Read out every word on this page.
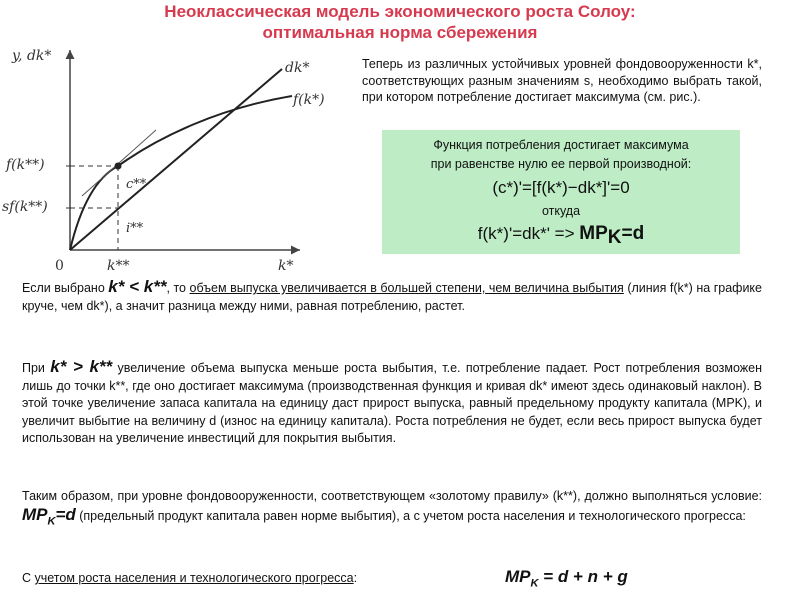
Неоклассическая модель экономического роста Солоу:
оптимальная норма сбережения
y, dk*
k*
0
f(k**)
sf(k**)
dk*
f(k*)
c**
i**
k**
Теперь из различных устойчивых уровней фондовооруженности k*, соответствующих разным значениям s, необходимо выбрать такой, при котором потребление достигает максимума (см. рис.).
Функция потребления достигает максимума
при равенстве нулю ее первой производной:
(c*)'=[f(k*)−dk*]'=0
откуда
$f(k*)'=dk*' => MP_K=d$
Если выбрано k* < k**, то объем выпуска увеличивается в большей степени, чем величина выбытия (линия f(k*) на графике круче, чем dk*), а значит разница между ними, равная потреблению, растет.
При k* > k** увеличение объема выпуска меньше роста выбытия, т.е. потребление падает. Рост потребления возможен лишь до точки k**, где оно достигает максимума (производственная функция и кривая dk* имеют здесь одинаковый наклон). В этой точке увеличение запаса капитала на единицу даст прирост выпуска, равный предельному продукту капитала (MPK), и увеличит выбытие на величину d (износ на единицу капитала). Роста потребления не будет, если весь прирост выпуска будет использован на увеличение инвестиций для покрытия выбытия.
Таким образом, при уровне фондовооруженности, соответствующем «золотому правилу» (k**), должно выполняться условие: $MP_K=d$ (предельный продукт капитала равен норме выбытия), а с учетом роста населения и технологического прогресса:
С учетом роста населения и технологического прогресса:	$MP_K = d + n + g$
